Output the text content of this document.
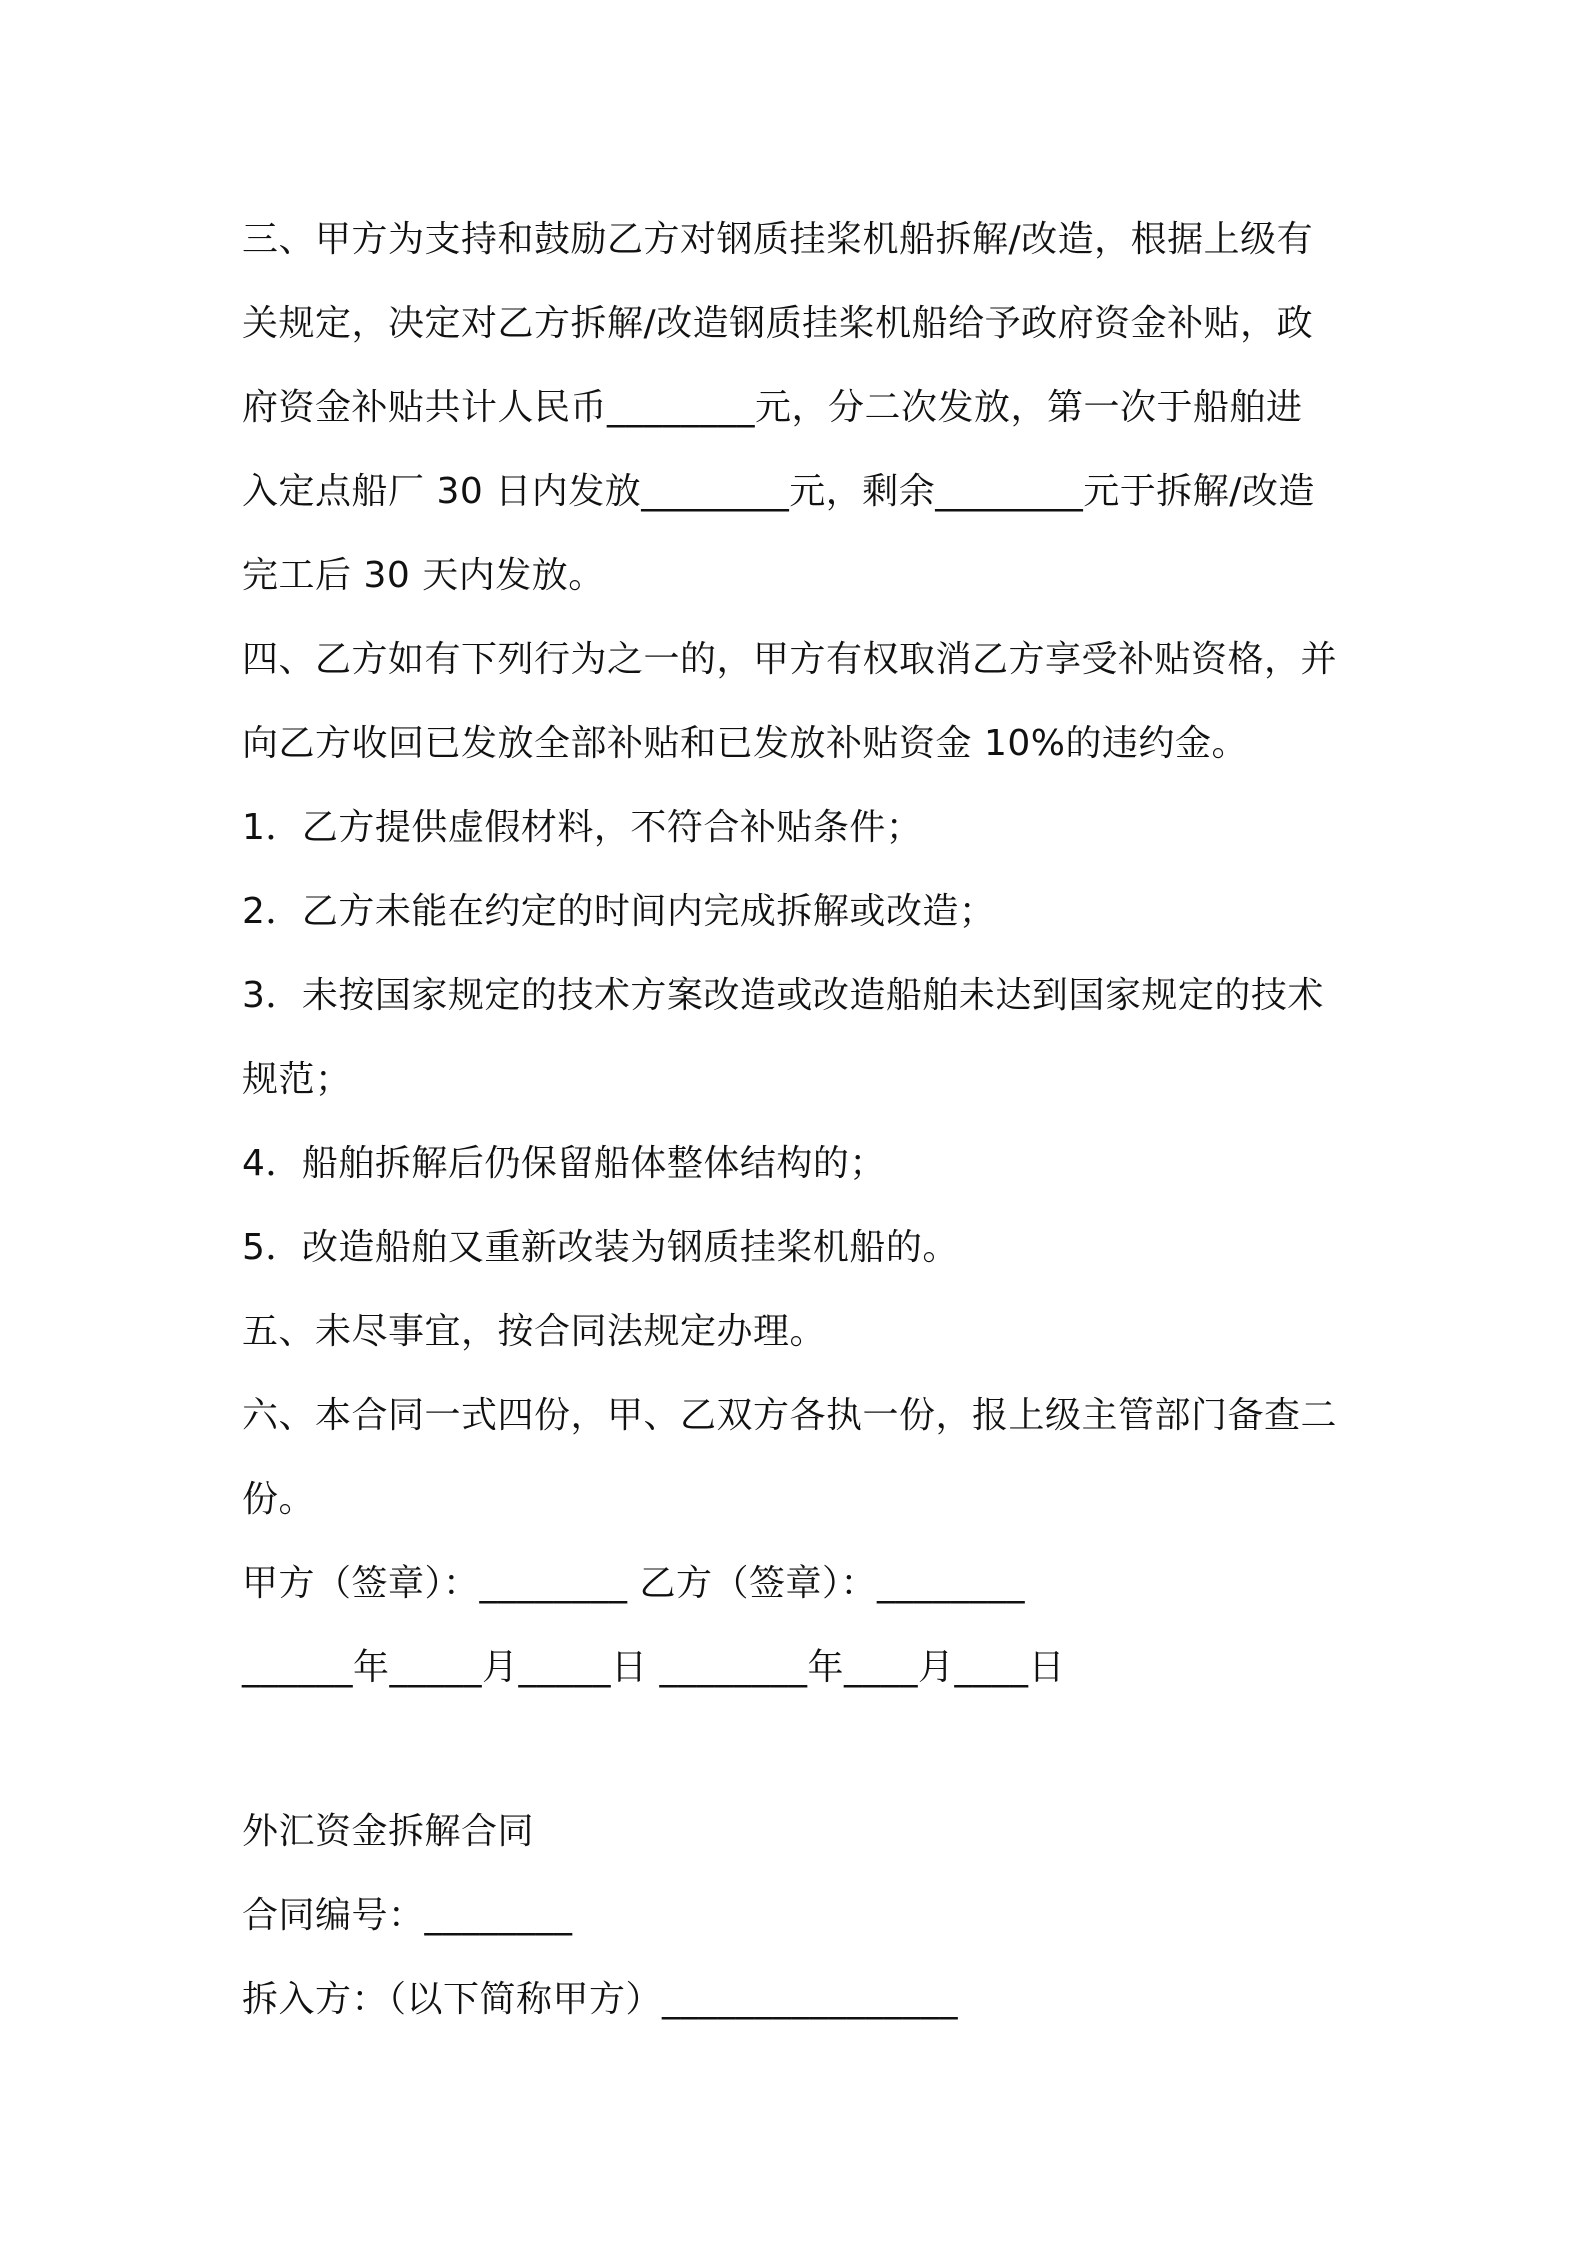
三、甲方为支持和鼓励乙方对钢质挂桨机船拆解/改造，根据上级有
关规定，决定对乙方拆解/改造钢质挂桨机船给予政府资金补贴，政
府资金补贴共计人民币________元，分二次发放，第一次于船舶进
入定点船厂 30 日内发放________元，剩余________元于拆解/改造
完工后 30 天内发放。
四、乙方如有下列行为之一的，甲方有权取消乙方享受补贴资格，并
向乙方收回已发放全部补贴和已发放补贴资金 10%的违约金。
1．乙方提供虚假材料，不符合补贴条件；
2．乙方未能在约定的时间内完成拆解或改造；
3．未按国家规定的技术方案改造或改造船舶未达到国家规定的技术
规范；
4．船舶拆解后仍保留船体整体结构的；
5．改造船舶又重新改装为钢质挂桨机船的。
五、未尽事宜，按合同法规定办理。
六、本合同一式四份，甲、乙双方各执一份，报上级主管部门备查二
份。
甲方（签章）：________ 乙方（签章）：________
______年_____月_____日 ________年____月____日
外汇资金拆解合同
合同编号：________
拆入方：（以下简称甲方）________________
